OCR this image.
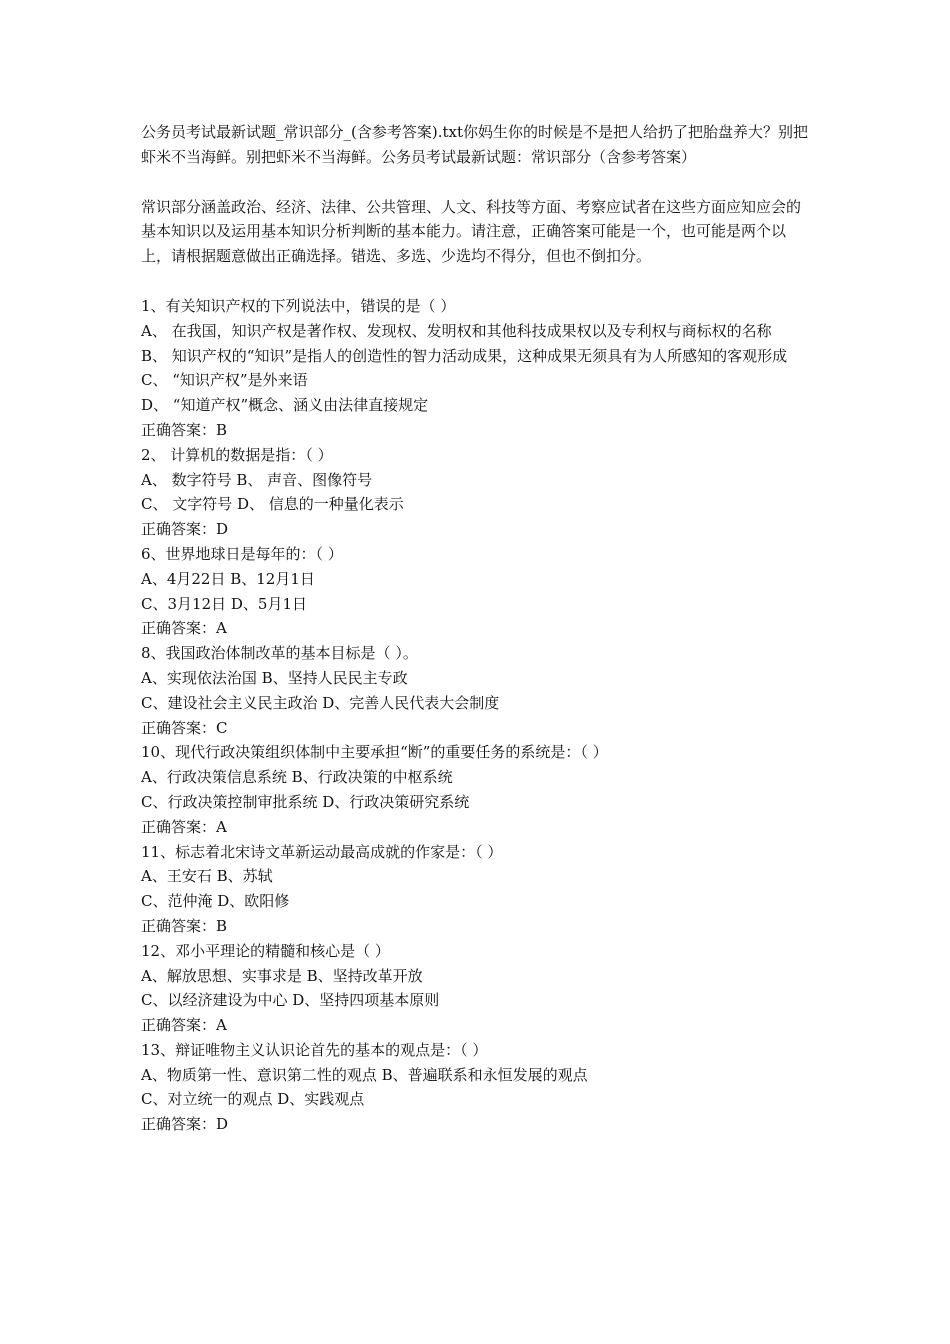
公务员考试最新试题_常识部分_(含参考答案).txt你妈生你的时候是不是把人给扔了把胎盘养大？别把虾米不当海鲜。别把虾米不当海鲜。公务员考试最新试题：常识部分（含参考答案）

常识部分涵盖政治、经济、法律、公共管理、人文、科技等方面、考察应试者在这些方面应知应会的基本知识以及运用基本知识分析判断的基本能力。请注意，正确答案可能是一个，也可能是两个以上，请根据题意做出正确选择。错选、多选、少选均不得分，但也不倒扣分。

1、有关知识产权的下列说法中，错误的是（ ）

A、 在我国，知识产权是著作权、发现权、发明权和其他科技成果权以及专利权与商标权的名称

B、 知识产权的“知识”是指人的创造性的智力活动成果，这种成果无须具有为人所感知的客观形成

C、 “知识产权”是外来语

D、 “知道产权”概念、涵义由法律直接规定

正确答案：B

2、 计算机的数据是指：（ ）

A、 数字符号 B、 声音、图像符号

C、 文字符号 D、 信息的一种量化表示

正确答案：D

6、世界地球日是每年的：（ ）

A、4月22日 B、12月1日

C、3月12日 D、5月1日

正确答案：A

8、我国政治体制改革的基本目标是（ ）。

A、实现依法治国 B、坚持人民民主专政

C、建设社会主义民主政治 D、完善人民代表大会制度

正确答案：C

10、现代行政决策组织体制中主要承担“断”的重要任务的系统是：（ ）

A、行政决策信息系统 B、行政决策的中枢系统

C、行政决策控制审批系统 D、行政决策研究系统

正确答案：A

11、标志着北宋诗文革新运动最高成就的作家是：（ ）

A、王安石 B、苏轼

C、范仲淹 D、欧阳修

正确答案：B

12、邓小平理论的精髓和核心是（ ）

A、解放思想、实事求是 B、坚持改革开放

C、以经济建设为中心 D、坚持四项基本原则

正确答案：A

13、辩证唯物主义认识论首先的基本的观点是：（ ）

A、物质第一性、意识第二性的观点 B、普遍联系和永恒发展的观点

C、对立统一的观点 D、实践观点

正确答案：D
